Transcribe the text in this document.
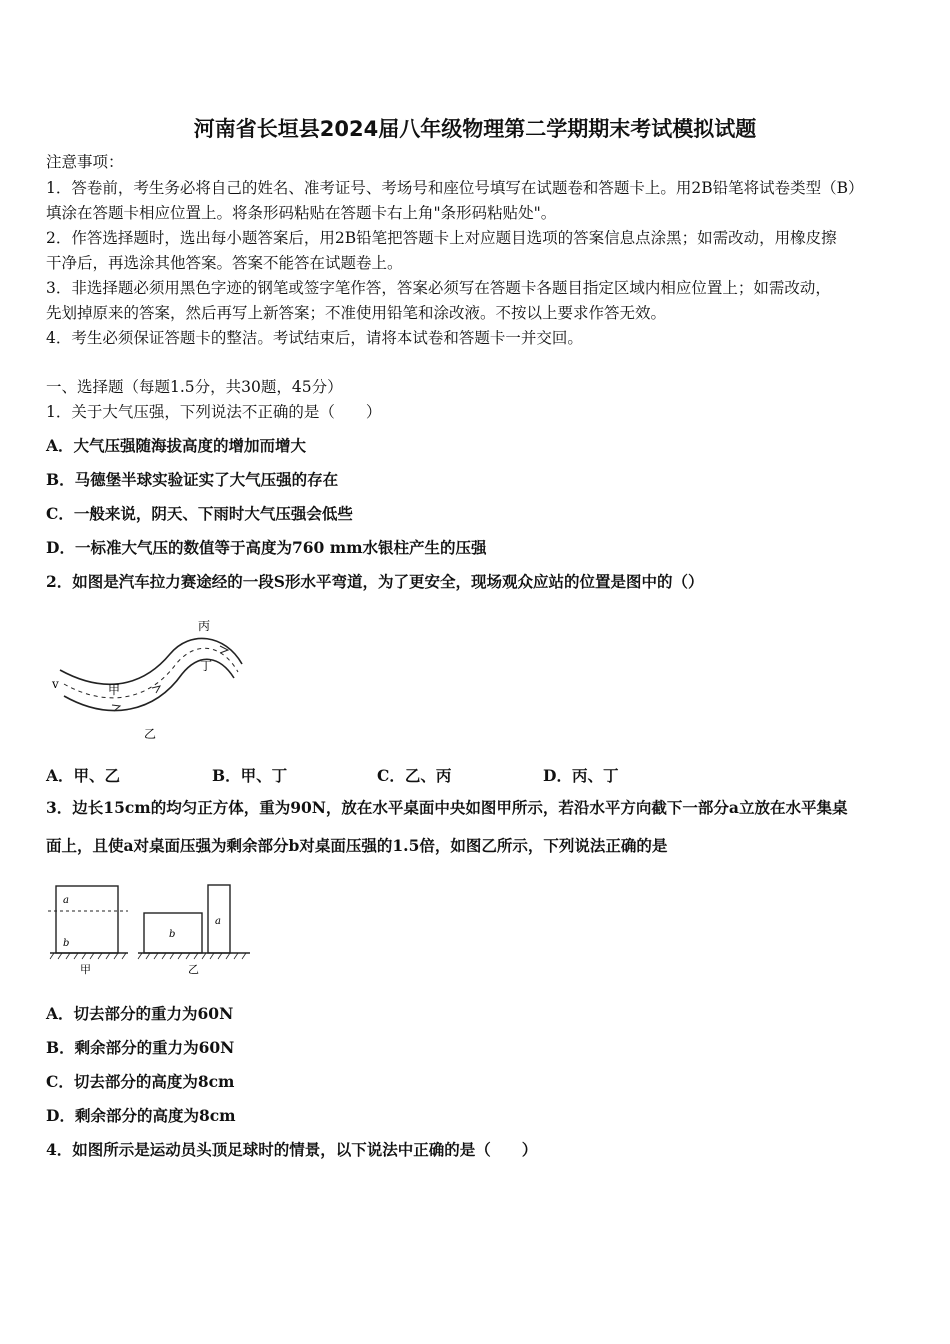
河南省长垣县2024届八年级物理第二学期期末考试模拟试题
注意事项：
1．答卷前，考生务必将自己的姓名、准考证号、考场号和座位号填写在试题卷和答题卡上。用2B铅笔将试卷类型（B）
填涂在答题卡相应位置上。将条形码粘贴在答题卡右上角"条形码粘贴处"。
2．作答选择题时，选出每小题答案后，用2B铅笔把答题卡上对应题目选项的答案信息点涂黑；如需改动，用橡皮擦
干净后，再选涂其他答案。答案不能答在试题卷上。
3．非选择题必须用黑色字迹的钢笔或签字笔作答，答案必须写在答题卡各题目指定区域内相应位置上；如需改动，
先划掉原来的答案，然后再写上新答案；不准使用铅笔和涂改液。不按以上要求作答无效。
4．考生必须保证答题卡的整洁。考试结束后，请将本试卷和答题卡一并交回。
一、选择题（每题1.5分，共30题，45分）
1．关于大气压强，下列说法不正确的是（　　）
A．大气压强随海拔高度的增加而增大
B．马德堡半球实验证实了大气压强的存在
C．一般来说，阴天、下雨时大气压强会低些
D．一标准大气压的数值等于高度为760 mm水银柱产生的压强
2．如图是汽车拉力赛途经的一段S形水平弯道，为了更安全，现场观众应站的位置是图中的（）
v	甲
乙
丙
丁
A．甲、乙	B．甲、丁	C．乙、丙	D．丙、丁
3．边长15cm的均匀正方体，重为90N，放在水平桌面中央如图甲所示，若沿水平方向截下一部分a立放在水平集桌
面上，且使a对桌面压强为剩余部分b对桌面压强的1.5倍，如图乙所示，下列说法正确的是
a
b
甲
b
a
乙
A．切去部分的重力为60N
B．剩余部分的重力为60N
C．切去部分的高度为8cm
D．剩余部分的高度为8cm
4．如图所示是运动员头顶足球时的情景，以下说法中正确的是（　　）
